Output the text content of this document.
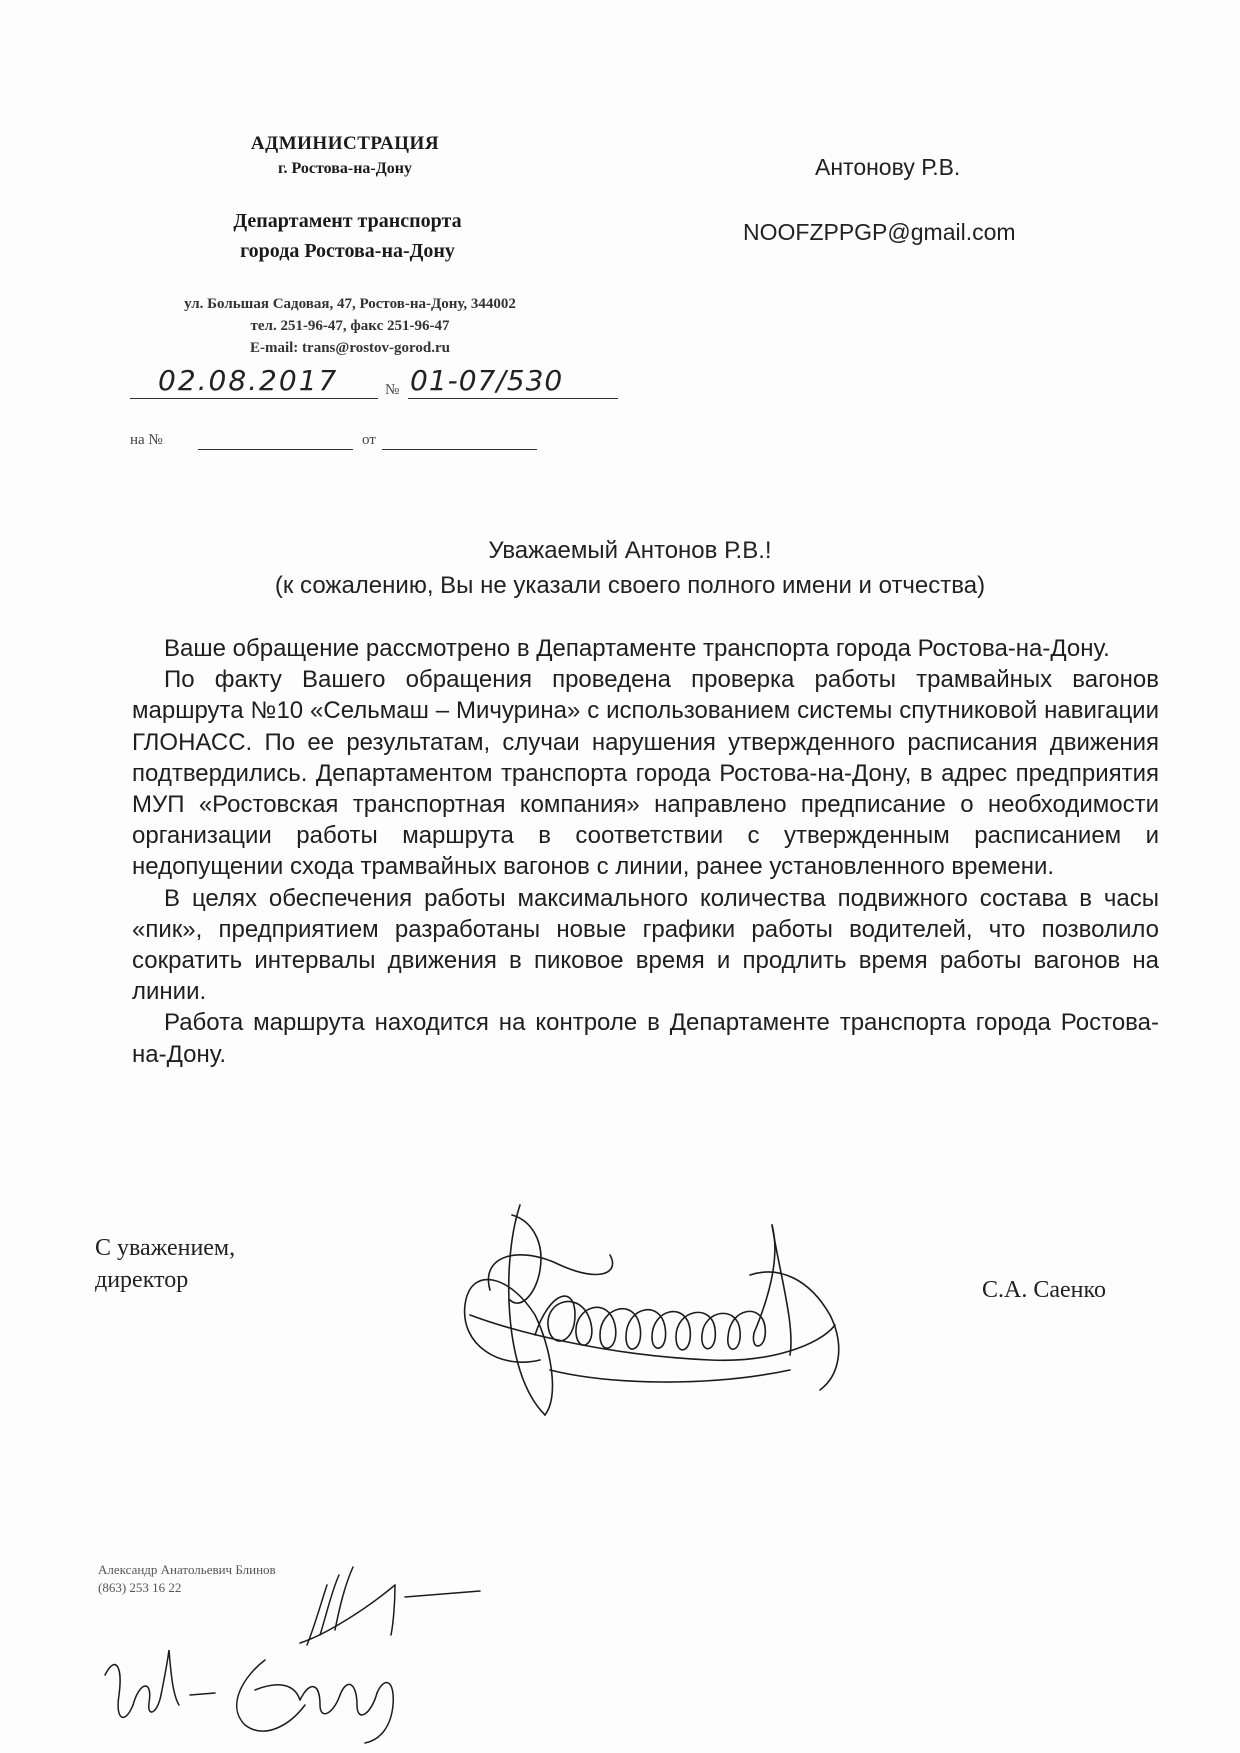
АДМИНИСТРАЦИЯ
г. Ростова-на-Дону
Департамент транспорта
города Ростова-на-Дону
ул. Большая Садовая, 47, Ростов-на-Дону, 344002
тел. 251-96-47, факс 251-96-47
E-mail: trans@rostov-gorod.ru
02.08.2017	№ 01-07/530
на №	от
Антонову Р.В.
NOOFZPPGP@gmail.com
Уважаемый Антонов Р.В.!
(к сожалению, Вы не указали своего полного имени и отчества)

Ваше обращение рассмотрено в Департаменте транспорта города Ростова-на-Дону.

По факту Вашего обращения проведена проверка работы трамвайных вагонов маршрута №10 «Сельмаш – Мичурина» с использованием системы спутниковой навигации ГЛОНАСС. По ее результатам, случаи нарушения утвержденного расписания движения подтвердились. Департаментом транспорта города Ростова-на-Дону, в адрес предприятия МУП «Ростовская транспортная компания» направлено предписание о необходимости организации работы маршрута в соответствии с утвержденным расписанием и недопущении схода трамвайных вагонов с линии, ранее установленного времени.

В целях обеспечения работы максимального количества подвижного состава в часы «пик», предприятием разработаны новые графики работы водителей, что позволило сократить интервалы движения в пиковое время и продлить время работы вагонов на линии.

Работа маршрута находится на контроле в Департаменте транспорта города Ростова-на-Дону.

С уважением,
директор	С.А. Саенко
Александр Анатольевич Блинов
(863) 253 16 22
